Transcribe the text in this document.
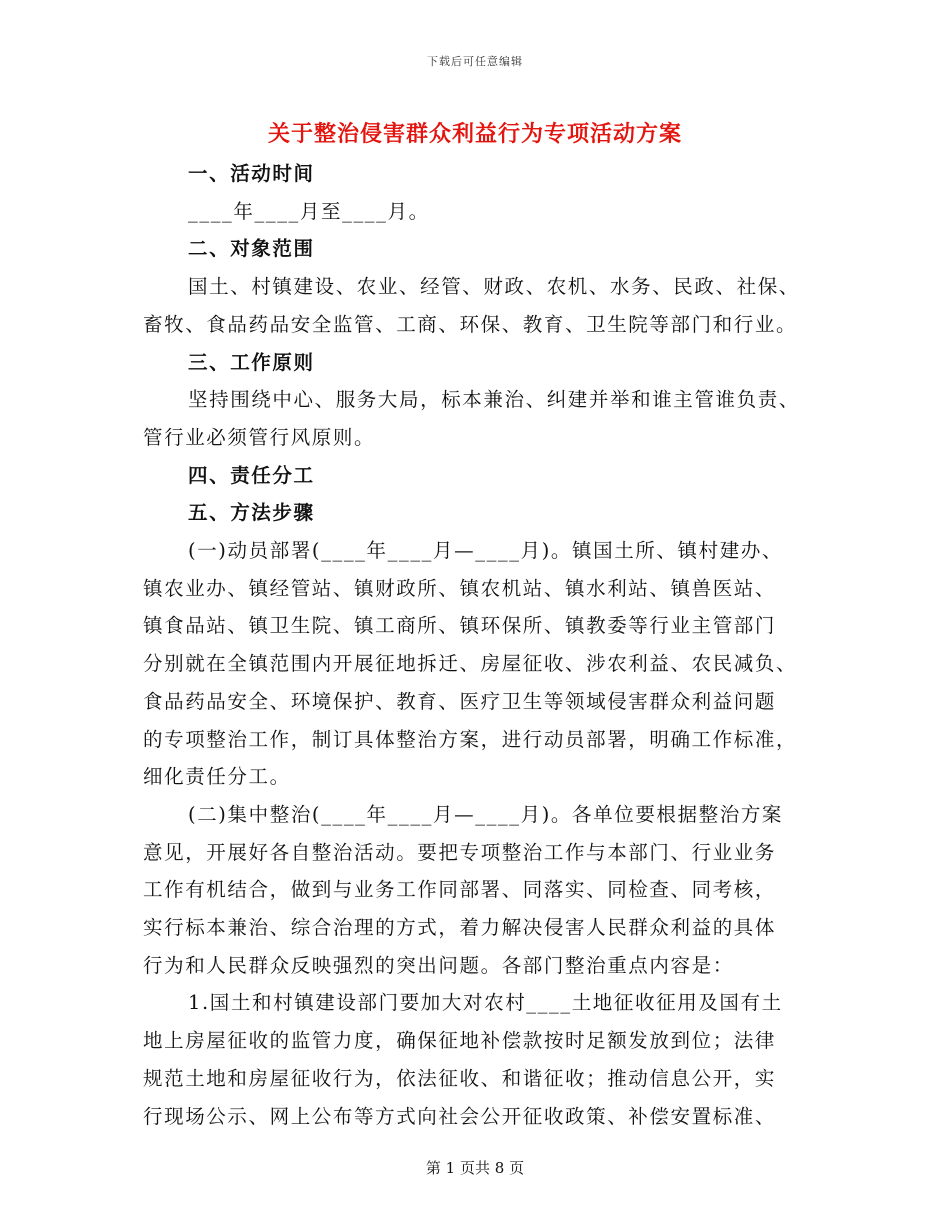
下载后可任意编辑
关于整治侵害群众利益行为专项活动方案

一、活动时间

____年____月至____月。

二、对象范围

国土、村镇建设、农业、经管、财政、农机、水务、民政、社保、

畜牧、食品药品安全监管、工商、环保、教育、卫生院等部门和行业。

三、工作原则

坚持围绕中心、服务大局，标本兼治、纠建并举和谁主管谁负责、

管行业必须管行风原则。

四、责任分工

五、方法步骤

(一)动员部署(____年____月—____月)。镇国土所、镇村建办、

镇农业办、镇经管站、镇财政所、镇农机站、镇水利站、镇兽医站、

镇食品站、镇卫生院、镇工商所、镇环保所、镇教委等行业主管部门

分别就在全镇范围内开展征地拆迁、房屋征收、涉农利益、农民减负、

食品药品安全、环境保护、教育、医疗卫生等领域侵害群众利益问题

的专项整治工作，制订具体整治方案，进行动员部署，明确工作标准，

细化责任分工。

(二)集中整治(____年____月—____月)。各单位要根据整治方案

意见，开展好各自整治活动。要把专项整治工作与本部门、行业业务

工作有机结合，做到与业务工作同部署、同落实、同检查、同考核，

实行标本兼治、综合治理的方式，着力解决侵害人民群众利益的具体

行为和人民群众反映强烈的突出问题。各部门整治重点内容是：

1.国土和村镇建设部门要加大对农村____土地征收征用及国有土

地上房屋征收的监管力度，确保征地补偿款按时足额发放到位；法律

规范土地和房屋征收行为，依法征收、和谐征收；推动信息公开，实

行现场公示、网上公布等方式向社会公开征收政策、补偿安置标准、

第 1 页共 8 页
